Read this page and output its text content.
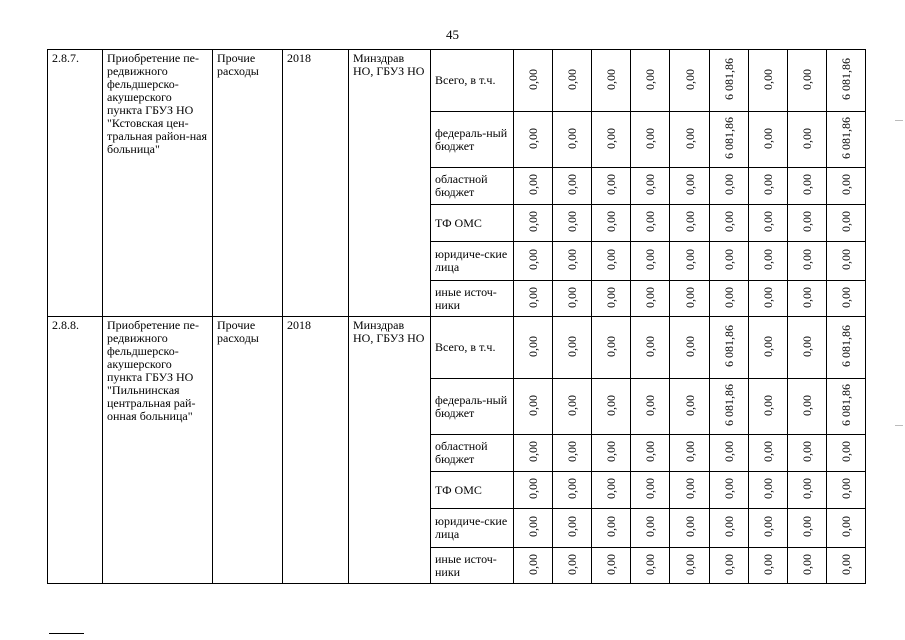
45
2.8.7.	Приобретение пе-редвижного фельдшерско-акушерского пункта ГБУЗ НО "Кстовская цен-тральная район-ная больница"	Прочие расходы	2018	Минздрав НО, ГБУЗ НО	Всего, в т.ч.	0,00	0,00	0,00	0,00	0,00	6 081,86	0,00	0,00	6 081,86
					федераль-ный бюджет	0,00	0,00	0,00	0,00	0,00	6 081,86	0,00	0,00	6 081,86
					областной бюджет	0,00	0,00	0,00	0,00	0,00	0,00	0,00	0,00	0,00
					ТФ ОМС	0,00	0,00	0,00	0,00	0,00	0,00	0,00	0,00	0,00
					юридиче-ские лица	0,00	0,00	0,00	0,00	0,00	0,00	0,00	0,00	0,00
					иные источ-ники	0,00	0,00	0,00	0,00	0,00	0,00	0,00	0,00	0,00
2.8.8.	Приобретение пе-редвижного фельдшерско-акушерского пункта ГБУЗ НО "Пильнинская центральная рай-онная больница"	Прочие расходы	2018	Минздрав НО, ГБУЗ НО	Всего, в т.ч.	0,00	0,00	0,00	0,00	0,00	6 081,86	0,00	0,00	6 081,86
					федераль-ный бюджет	0,00	0,00	0,00	0,00	0,00	6 081,86	0,00	0,00	6 081,86
					областной бюджет	0,00	0,00	0,00	0,00	0,00	0,00	0,00	0,00	0,00
					ТФ ОМС	0,00	0,00	0,00	0,00	0,00	0,00	0,00	0,00	0,00
					юридиче-ские лица	0,00	0,00	0,00	0,00	0,00	0,00	0,00	0,00	0,00
					иные источ-ники	0,00	0,00	0,00	0,00	0,00	0,00	0,00	0,00	0,00
